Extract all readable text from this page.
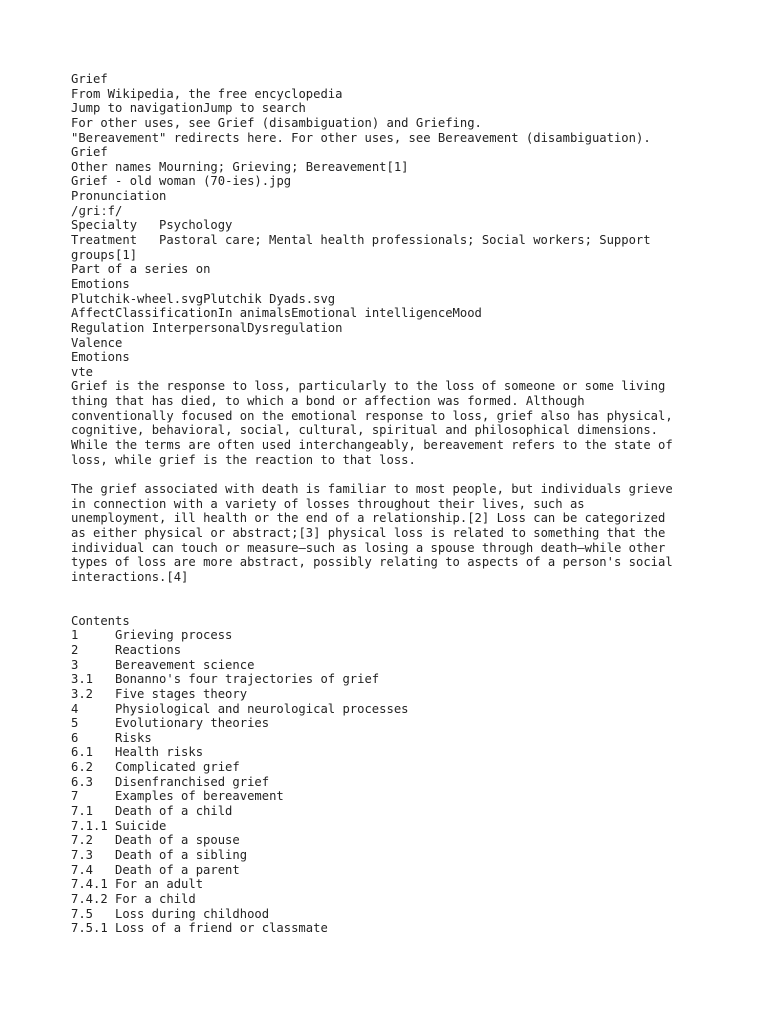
Grief
From Wikipedia, the free encyclopedia
Jump to navigationJump to search
For other uses, see Grief (disambiguation) and Griefing.
"Bereavement" redirects here. For other uses, see Bereavement (disambiguation).
Grief
Other names Mourning; Grieving; Bereavement[1]
Grief - old woman (70-ies).jpg
Pronunciation
/ɡriːf/
Specialty	Psychology
Treatment	Pastoral care; Mental health professionals; Social workers; Support
groups[1]
Part of a series on
Emotions
Plutchik-wheel.svgPlutchik Dyads.svg
AffectClassificationIn animalsEmotional intelligenceMood
Regulation InterpersonalDysregulation
Valence
Emotions
vte
Grief is the response to loss, particularly to the loss of someone or some living
thing that has died, to which a bond or affection was formed. Although
conventionally focused on the emotional response to loss, grief also has physical,
cognitive, behavioral, social, cultural, spiritual and philosophical dimensions.
While the terms are often used interchangeably, bereavement refers to the state of
loss, while grief is the reaction to that loss.
The grief associated with death is familiar to most people, but individuals grieve
in connection with a variety of losses throughout their lives, such as
unemployment, ill health or the end of a relationship.[2] Loss can be categorized
as either physical or abstract;[3] physical loss is related to something that the
individual can touch or measure—such as losing a spouse through death—while other
types of loss are more abstract, possibly relating to aspects of a person's social
interactions.[4]
Contents
1	Grieving process
2	Reactions
3	Bereavement science
3.1	Bonanno's four trajectories of grief
3.2	Five stages theory
4	Physiological and neurological processes
5	Evolutionary theories
6	Risks
6.1	Health risks
6.2	Complicated grief
6.3	Disenfranchised grief
7	Examples of bereavement
7.1	Death of a child
7.1.1 Suicide
7.2	Death of a spouse
7.3	Death of a sibling
7.4	Death of a parent
7.4.1 For an adult
7.4.2 For a child
7.5	Loss during childhood
7.5.1 Loss of a friend or classmate
